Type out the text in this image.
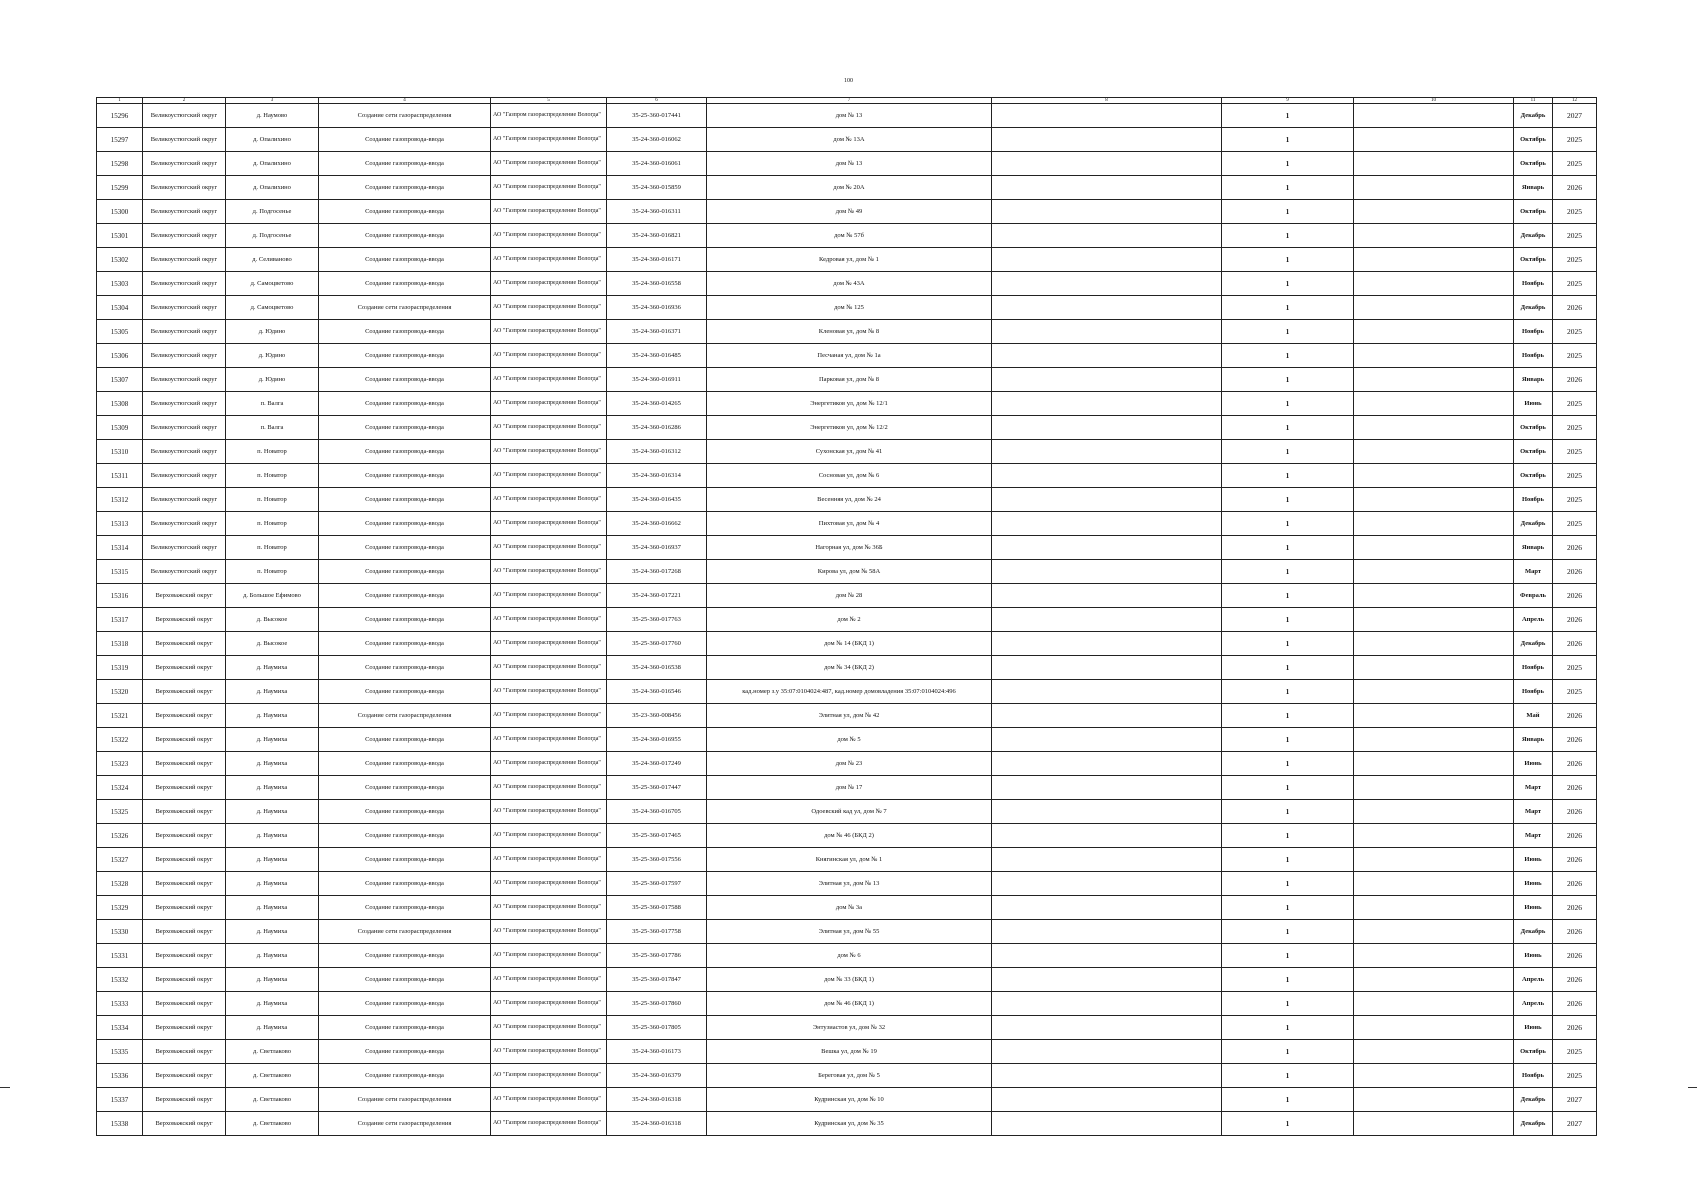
100
1	2	3	4	5	6	7	8	9	10	11	12
15296	Великоустюгский округ	д. Наумово	Создание сети газораспределения	АО "Газпром газораспределение Вологда"	35-25-360-017441	дом № 13		1		Декабрь	2027
15297	Великоустюгский округ	д. Опалихино	Создание газопровода-ввода	АО "Газпром газораспределение Вологда"	35-24-360-016062	дом № 13А		1		Октябрь	2025
15298	Великоустюгский округ	д. Опалихино	Создание газопровода-ввода	АО "Газпром газораспределение Вологда"	35-24-360-016061	дом № 13		1		Октябрь	2025
15299	Великоустюгский округ	д. Опалихино	Создание газопровода-ввода	АО "Газпром газораспределение Вологда"	35-24-360-015859	дом № 20А		1		Январь	2026
15300	Великоустюгский округ	д. Подгосенье	Создание газопровода-ввода	АО "Газпром газораспределение Вологда"	35-24-360-016311	дом № 49		1		Октябрь	2025
15301	Великоустюгский округ	д. Подгосенье	Создание газопровода-ввода	АО "Газпром газораспределение Вологда"	35-24-360-016821	дом № 57б		1		Декабрь	2025
15302	Великоустюгский округ	д. Селиваново	Создание газопровода-ввода	АО "Газпром газораспределение Вологда"	35-24-360-016171	Кедровая ул, дом № 1		1		Октябрь	2025
15303	Великоустюгский округ	д. Самоцветово	Создание газопровода-ввода	АО "Газпром газораспределение Вологда"	35-24-360-016558	дом № 43А		1		Ноябрь	2025
15304	Великоустюгский округ	д. Самоцветово	Создание сети газораспределения	АО "Газпром газораспределение Вологда"	35-24-360-016936	дом № 125		1		Декабрь	2026
15305	Великоустюгский округ	д. Юдино	Создание газопровода-ввода	АО "Газпром газораспределение Вологда"	35-24-360-016371	Кленовая ул, дом № 8		1		Ноябрь	2025
15306	Великоустюгский округ	д. Юдино	Создание газопровода-ввода	АО "Газпром газораспределение Вологда"	35-24-360-016485	Песчаная ул, дом № 1а		1		Ноябрь	2025
15307	Великоустюгский округ	д. Юдино	Создание газопровода-ввода	АО "Газпром газораспределение Вологда"	35-24-360-016911	Парковая ул, дом № 8		1		Январь	2026
15308	Великоустюгский округ	п. Валга	Создание газопровода-ввода	АО "Газпром газораспределение Вологда"	35-24-360-014265	Энергетиков ул, дом № 12/1		1		Июнь	2025
15309	Великоустюгский округ	п. Валга	Создание газопровода-ввода	АО "Газпром газораспределение Вологда"	35-24-360-016286	Энергетиков ул, дом № 12/2		1		Октябрь	2025
15310	Великоустюгский округ	п. Новатор	Создание газопровода-ввода	АО "Газпром газораспределение Вологда"	35-24-360-016312	Сухонская ул, дом № 41		1		Октябрь	2025
15311	Великоустюгский округ	п. Новатор	Создание газопровода-ввода	АО "Газпром газораспределение Вологда"	35-24-360-016314	Сосновая ул, дом № 6		1		Октябрь	2025
15312	Великоустюгский округ	п. Новатор	Создание газопровода-ввода	АО "Газпром газораспределение Вологда"	35-24-360-016435	Весенняя ул, дом № 24		1		Ноябрь	2025
15313	Великоустюгский округ	п. Новатор	Создание газопровода-ввода	АО "Газпром газораспределение Вологда"	35-24-360-016662	Пихтовая ул, дом № 4		1		Декабрь	2025
15314	Великоустюгский округ	п. Новатор	Создание газопровода-ввода	АО "Газпром газораспределение Вологда"	35-24-360-016937	Нагорная ул, дом № 36Б		1		Январь	2026
15315	Великоустюгский округ	п. Новатор	Создание газопровода-ввода	АО "Газпром газораспределение Вологда"	35-24-360-017268	Кирова ул, дом № 58А		1		Март	2026
15316	Верховажский округ	д. Большое Ефимово	Создание газопровода-ввода	АО "Газпром газораспределение Вологда"	35-24-360-017221	дом № 28		1		Февраль	2026
15317	Верховажский округ	д. Высокое	Создание газопровода-ввода	АО "Газпром газораспределение Вологда"	35-25-360-017763	дом № 2		1		Апрель	2026
15318	Верховажский округ	д. Высокое	Создание газопровода-ввода	АО "Газпром газораспределение Вологда"	35-25-360-017760	дом № 14 (БКД 1)		1		Декабрь	2026
15319	Верховажский округ	д. Наумиха	Создание газопровода-ввода	АО "Газпром газораспределение Вологда"	35-24-360-016538	дом № 34 (БКД 2)		1		Ноябрь	2025
15320	Верховажский округ	д. Наумиха	Создание газопровода-ввода	АО "Газпром газораспределение Вологда"	35-24-360-016546	кад.номер з.у 35:07:0104024:487, кад.номер домовладения 35:07:0104024:496		1		Ноябрь	2025
15321	Верховажский округ	д. Наумиха	Создание сети газораспределения	АО "Газпром газораспределение Вологда"	35-23-360-008456	Элитная ул, дом № 42		1		Май	2026
15322	Верховажский округ	д. Наумиха	Создание газопровода-ввода	АО "Газпром газораспределение Вологда"	35-24-360-016955	дом № 5		1		Январь	2026
15323	Верховажский округ	д. Наумиха	Создание газопровода-ввода	АО "Газпром газораспределение Вологда"	35-24-360-017249	дом № 23		1		Июнь	2026
15324	Верховажский округ	д. Наумиха	Создание газопровода-ввода	АО "Газпром газораспределение Вологда"	35-25-360-017447	дом № 17		1		Март	2026
15325	Верховажский округ	д. Наумиха	Создание газопровода-ввода	АО "Газпром газораспределение Вологда"	35-24-360-016705	Одоевский кад ул, дом № 7		1		Март	2026
15326	Верховажский округ	д. Наумиха	Создание газопровода-ввода	АО "Газпром газораспределение Вологда"	35-25-360-017465	дом № 46 (БКД 2)		1		Март	2026
15327	Верховажский округ	д. Наумиха	Создание газопровода-ввода	АО "Газпром газораспределение Вологда"	35-25-360-017556	Княгинская ул, дом № 1		1		Июнь	2026
15328	Верховажский округ	д. Наумиха	Создание газопровода-ввода	АО "Газпром газораспределение Вологда"	35-25-360-017597	Элитная ул, дом № 13		1		Июнь	2026
15329	Верховажский округ	д. Наумиха	Создание газопровода-ввода	АО "Газпром газораспределение Вологда"	35-25-360-017588	дом № 3а		1		Июнь	2026
15330	Верховажский округ	д. Наумиха	Создание сети газораспределения	АО "Газпром газораспределение Вологда"	35-25-360-017758	Элитная ул, дом № 55		1		Декабрь	2026
15331	Верховажский округ	д. Наумиха	Создание газопровода-ввода	АО "Газпром газораспределение Вологда"	35-25-360-017786	дом № 6		1		Июнь	2026
15332	Верховажский округ	д. Наумиха	Создание газопровода-ввода	АО "Газпром газораспределение Вологда"	35-25-360-017847	дом № 33 (БКД 1)		1		Апрель	2026
15333	Верховажский округ	д. Наумиха	Создание газопровода-ввода	АО "Газпром газораспределение Вологда"	35-25-360-017860	дом № 46 (БКД 1)		1		Апрель	2026
15334	Верховажский округ	д. Наумиха	Создание газопровода-ввода	АО "Газпром газораспределение Вологда"	35-25-360-017805	Энтузиастов ул, дом № 32		1		Июнь	2026
15335	Верховажский округ	д. Светлаково	Создание газопровода-ввода	АО "Газпром газораспределение Вологда"	35-24-360-016173	Вешка ул, дом № 19		1		Октябрь	2025
15336	Верховажский округ	д. Светлаково	Создание газопровода-ввода	АО "Газпром газораспределение Вологда"	35-24-360-016379	Береговая ул, дом № 5		1		Ноябрь	2025
15337	Верховажский округ	д. Светлаково	Создание сети газораспределения	АО "Газпром газораспределение Вологда"	35-24-360-016318	Кудринская ул, дом № 10		1		Декабрь	2027
15338	Верховажский округ	д. Светлаково	Создание сети газораспределения	АО "Газпром газораспределение Вологда"	35-24-360-016318	Кудринская ул, дом № 35		1		Декабрь	2027
